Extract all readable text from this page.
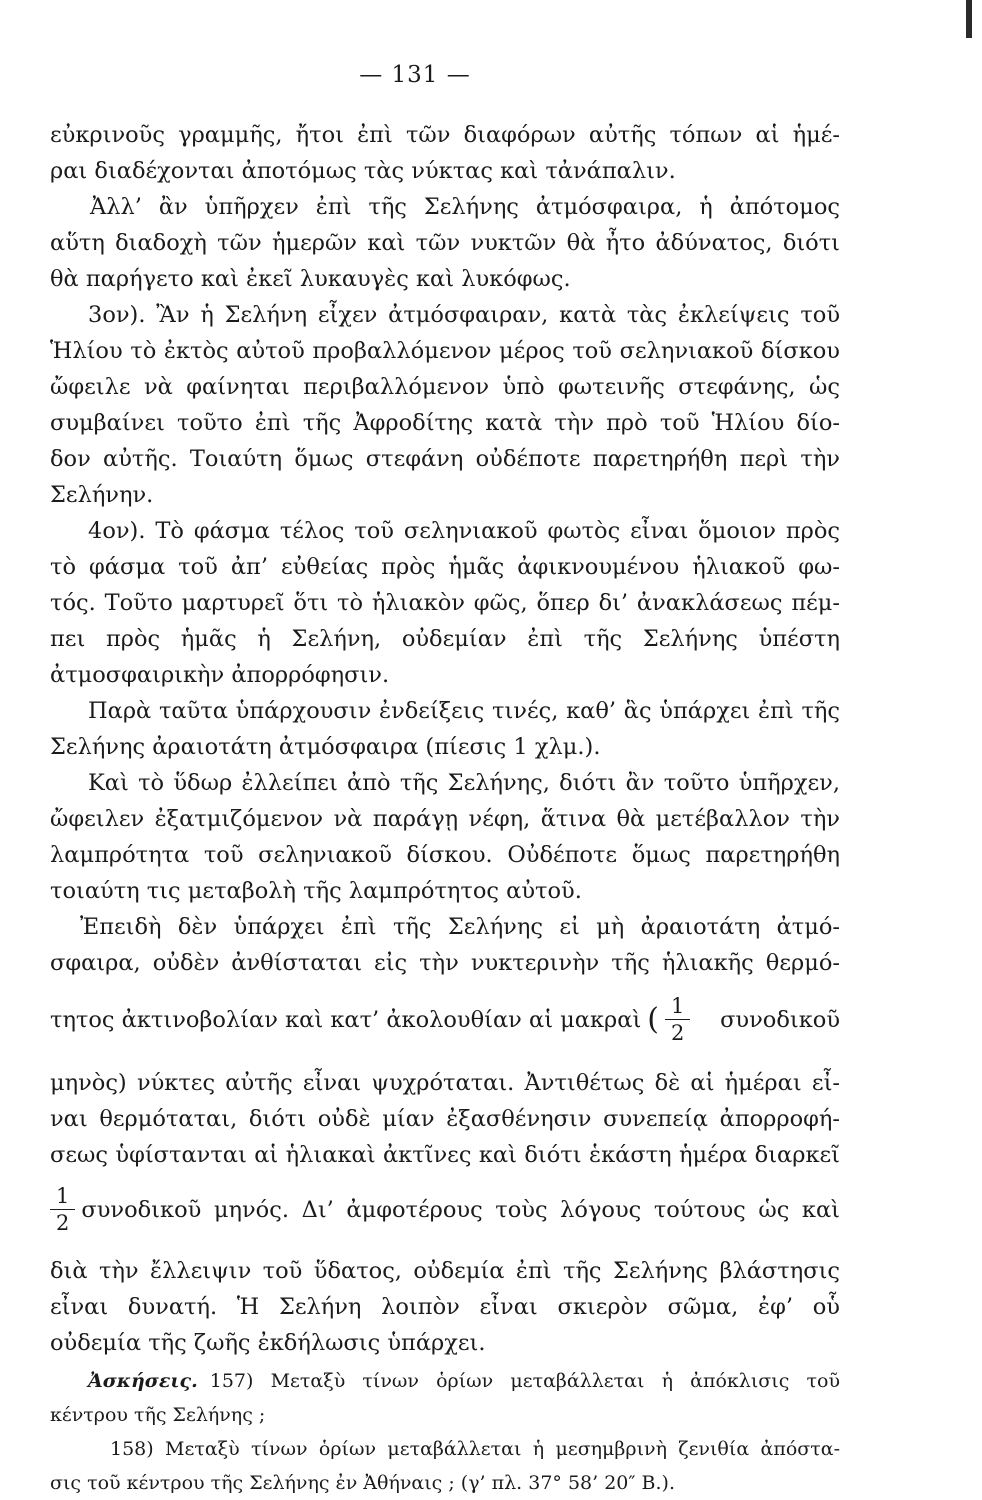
— 131 —
εὐκρινοῦς γραμμῆς, ἤτοι ἐπὶ τῶν διαφόρων αὐτῆς τόπων αἱ ἡμέ-
ραι διαδέχονται ἀποτόμως τὰς νύκτας καὶ τἀνάπαλιν.
Ἀλλ’ ἂν ὑπῆρχεν ἐπὶ τῆς Σελήνης ἀτμόσφαιρα, ἡ ἀπότομος
αὕτη διαδοχὴ τῶν ἡμερῶν καὶ τῶν νυκτῶν θὰ ἦτο ἀδύνατος, διότι
θὰ παρήγετο καὶ ἐκεῖ λυκαυγὲς καὶ λυκόφως.
3ον). Ἂν ἡ Σελήνη εἶχεν ἀτμόσφαιραν, κατὰ τὰς ἐκλείψεις τοῦ
Ἡλίου τὸ ἐκτὸς αὐτοῦ προβαλλόμενον μέρος τοῦ σεληνιακοῦ δίσκου
ὤφειλε νὰ φαίνηται περιβαλλόμενον ὑπὸ φωτεινῆς στεφάνης, ὡς
συμβαίνει τοῦτο ἐπὶ τῆς Ἀφροδίτης κατὰ τὴν πρὸ τοῦ Ἡλίου δίο-
δον αὐτῆς. Τοιαύτη ὅμως στεφάνη οὐδέποτε παρετηρήθη περὶ τὴν
Σελήνην.
4ον). Τὸ φάσμα τέλος τοῦ σεληνιακοῦ φωτὸς εἶναι ὅμοιον πρὸς
τὸ φάσμα τοῦ ἀπ’ εὐθείας πρὸς ἡμᾶς ἀφικνουμένου ἡλιακοῦ φω-
τός. Τοῦτο μαρτυρεῖ ὅτι τὸ ἡλιακὸν φῶς, ὅπερ δι’ ἀνακλάσεως πέμ-
πει πρὸς ἡμᾶς ἡ Σελήνη, οὐδεμίαν ἐπὶ τῆς Σελήνης ὑπέστη
ἀτμοσφαιρικὴν ἀπορρόφησιν.
Παρὰ ταῦτα ὑπάρχουσιν ἐνδείξεις τινές, καθ’ ἃς ὑπάρχει ἐπὶ τῆς
Σελήνης ἀραιοτάτη ἀτμόσφαιρα (πίεσις 1 χλμ.).
Καὶ τὸ ὕδωρ ἐλλείπει ἀπὸ τῆς Σελήνης, διότι ἂν τοῦτο ὑπῆρχεν,
ὤφειλεν ἐξατμιζόμενον νὰ παράγῃ νέφη, ἅτινα θὰ μετέβαλλον τὴν
λαμπρότητα τοῦ σεληνιακοῦ δίσκου. Οὐδέποτε ὅμως παρετηρήθη
τοιαύτη τις μεταβολὴ τῆς λαμπρότητος αὐτοῦ.
Ἐπειδὴ δὲν ὑπάρχει ἐπὶ τῆς Σελήνης εἰ μὴ ἀραιοτάτη ἀτμό-
σφαιρα, οὐδὲν ἀνθίσταται εἰς τὴν νυκτερινὴν τῆς ἡλιακῆς θερμό-
τητος ἀκτινοβολίαν καὶ κατ’ ἀκολουθίαν αἱ μακραὶ ( $\frac{1}{2}$ συνοδικοῦ
μηνὸς) νύκτες αὐτῆς εἶναι ψυχρόταται. Ἀντιθέτως δὲ αἱ ἡμέραι εἶ-
ναι θερμόταται, διότι οὐδὲ μίαν ἐξασθένησιν συνεπείᾳ ἀπορροφή-
σεως ὑφίστανται αἱ ἡλιακαὶ ἀκτῖνες καὶ διότι ἑκάστη ἡμέρα διαρκεῖ
$\frac{1}{2}$ συνοδικοῦ μηνός. Δι’ ἀμφοτέρους τοὺς λόγους τούτους ὡς καὶ
διὰ τὴν ἔλλειψιν τοῦ ὕδατος, οὐδεμία ἐπὶ τῆς Σελήνης βλάστησις
εἶναι δυνατή. Ἡ Σελήνη λοιπὸν εἶναι σκιερὸν σῶμα, ἐφ’ οὗ
οὐδεμία τῆς ζωῆς ἐκδήλωσις ὑπάρχει.
Ἀσκήσεις. 157) Μεταξὺ τίνων ὁρίων μεταβάλλεται ἡ ἀπόκλισις τοῦ
κέντρου τῆς Σελήνης ;
158) Μεταξὺ τίνων ὁρίων μεταβάλλεται ἡ μεσημβρινὴ ζενιθία ἀπόστα-
σις τοῦ κέντρου τῆς Σελήνης ἐν Ἀθήναις ; (γ’ πλ. 37° 58’ 20″ Β.).
